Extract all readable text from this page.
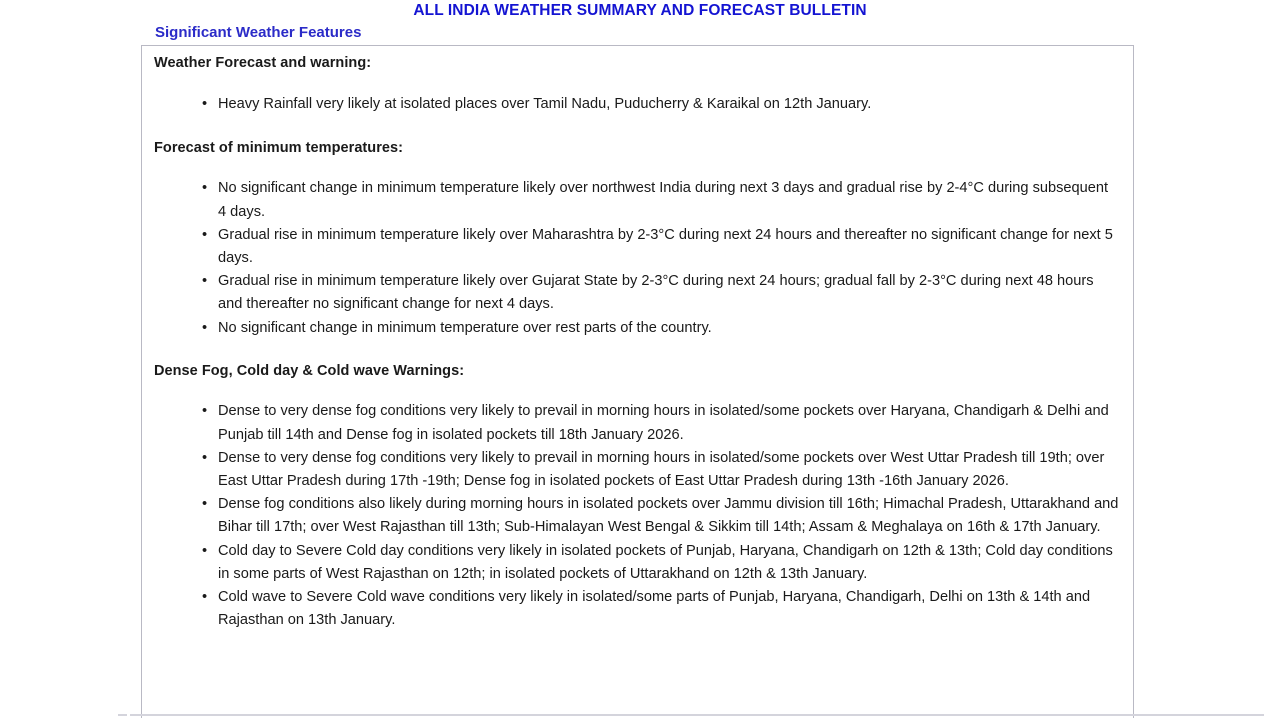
ALL INDIA WEATHER SUMMARY AND FORECAST BULLETIN
Significant Weather Features
Weather Forecast and warning:
• Heavy Rainfall very likely at isolated places over Tamil Nadu, Puducherry & Karaikal on 12th January.
Forecast of minimum temperatures:
• No significant change in minimum temperature likely over northwest India during next 3 days and gradual rise by 2-4°C during subsequent 4 days.
• Gradual rise in minimum temperature likely over Maharashtra by 2-3°C during next 24 hours and thereafter no significant change for next 5 days.
• Gradual rise in minimum temperature likely over Gujarat State by 2-3°C during next 24 hours; gradual fall by 2-3°C during next 48 hours and thereafter no significant change for next 4 days.
• No significant change in minimum temperature over rest parts of the country.
Dense Fog, Cold day & Cold wave Warnings:
• Dense to very dense fog conditions very likely to prevail in morning hours in isolated/some pockets over Haryana, Chandigarh & Delhi and Punjab till 14th and Dense fog in isolated pockets till 18th January 2026.
• Dense to very dense fog conditions very likely to prevail in morning hours in isolated/some pockets over West Uttar Pradesh till 19th; over East Uttar Pradesh during 17th -19th; Dense fog in isolated pockets of East Uttar Pradesh during 13th -16th January 2026.
• Dense fog conditions also likely during morning hours in isolated pockets over Jammu division till 16th; Himachal Pradesh, Uttarakhand and Bihar till 17th; over West Rajasthan till 13th; Sub-Himalayan West Bengal & Sikkim till 14th; Assam & Meghalaya on 16th & 17th January.
• Cold day to Severe Cold day conditions very likely in isolated pockets of Punjab, Haryana, Chandigarh on 12th & 13th; Cold day conditions in some parts of West Rajasthan on 12th; in isolated pockets of Uttarakhand on 12th & 13th January.
• Cold wave to Severe Cold wave conditions very likely in isolated/some parts of Punjab, Haryana, Chandigarh, Delhi on 13th & 14th and Rajasthan on 13th January.
